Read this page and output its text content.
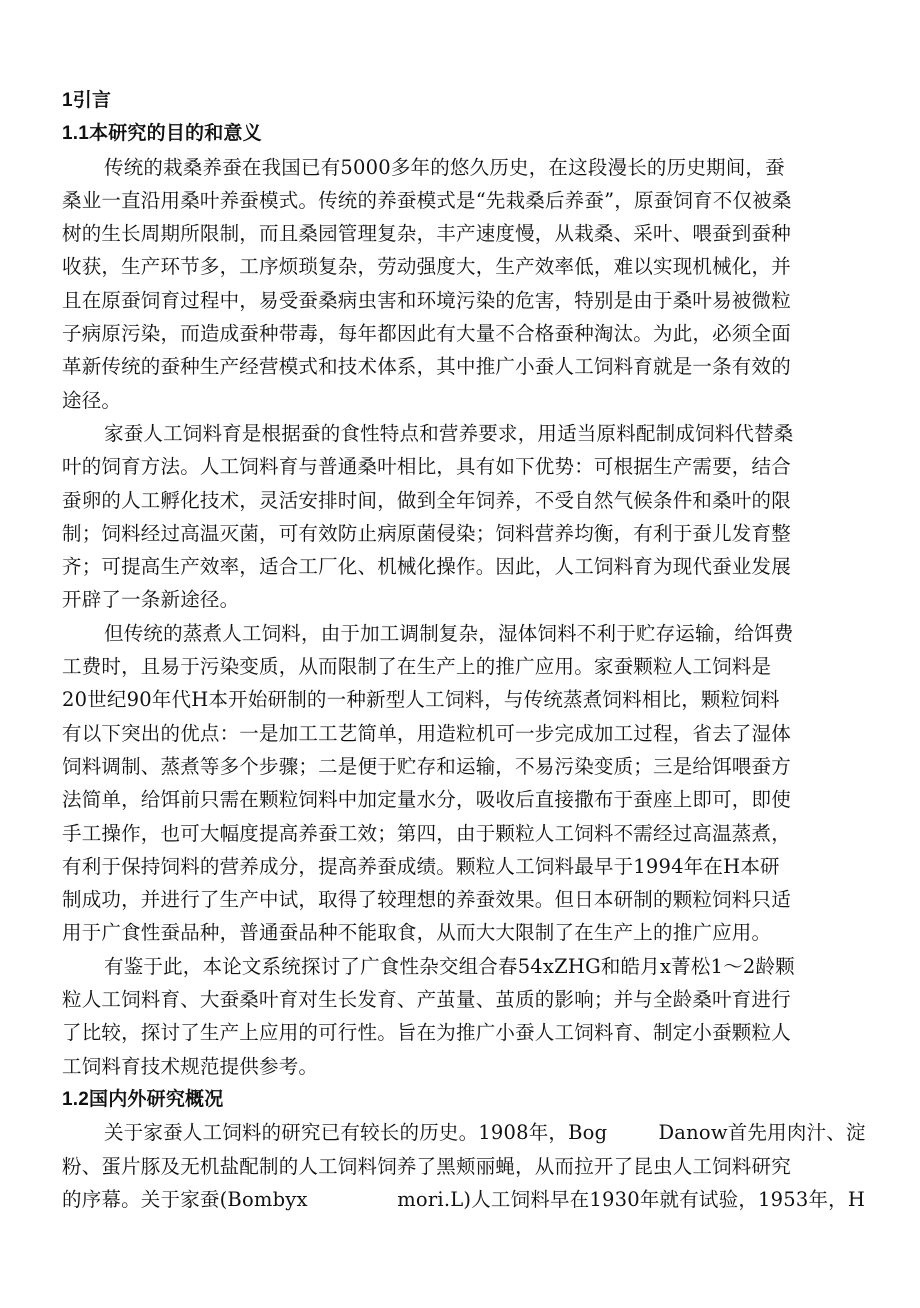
1引言
1.1本研究的目的和意义
传统的栽桑养蚕在我国已有5000多年的悠久历史，在这段漫长的历史期间，蚕
桑业一直沿用桑叶养蚕模式。传统的养蚕模式是“先栽桑后养蚕”，原蚕饲育不仅被桑
树的生长周期所限制，而且桑园管理复杂，丰产速度慢，从栽桑、采叶、喂蚕到蚕种
收获，生产环节多，工序烦琐复杂，劳动强度大，生产效率低，难以实现机械化，并
且在原蚕饲育过程中，易受蚕桑病虫害和环境污染的危害，特别是由于桑叶易被微粒
子病原污染，而造成蚕种带毒，每年都因此有大量不合格蚕种淘汰。为此，必须全面
革新传统的蚕种生产经营模式和技术体系，其中推广小蚕人工饲料育就是一条有效的
途径。
家蚕人工饲料育是根据蚕的食性特点和营养要求，用适当原料配制成饲料代替桑
叶的饲育方法。人工饲料育与普通桑叶相比，具有如下优势：可根据生产需要，结合
蚕卵的人工孵化技术，灵活安排时间，做到全年饲养，不受自然气候条件和桑叶的限
制；饲料经过高温灭菌，可有效防止病原菌侵染；饲料营养均衡，有利于蚕儿发育整
齐；可提高生产效率，适合工厂化、机械化操作。因此，人工饲料育为现代蚕业发展
开辟了一条新途径。
但传统的蒸煮人工饲料，由于加工调制复杂，湿体饲料不利于贮存运输，给饵费
工费时，且易于污染变质，从而限制了在生产上的推广应用。家蚕颗粒人工饲料是
20世纪90年代H本开始研制的一种新型人工饲料，与传统蒸煮饲料相比，颗粒饲料
有以下突出的优点：一是加工工艺简单，用造粒机可一步完成加工过程，省去了湿体
饲料调制、蒸煮等多个步骤；二是便于贮存和运输，不易污染变质；三是给饵喂蚕方
法简单，给饵前只需在颗粒饲料中加定量水分，吸收后直接撒布于蚕座上即可，即使
手工操作，也可大幅度提高养蚕工效；第四，由于颗粒人工饲料不需经过高温蒸煮，
有利于保持饲料的营养成分，提高养蚕成绩。颗粒人工饲料最早于1994年在H本研
制成功，并进行了生产中试，取得了较理想的养蚕效果。但日本研制的颗粒饲料只适
用于广食性蚕品种，普通蚕品种不能取食，从而大大限制了在生产上的推广应用。
有鉴于此，本论文系统探讨了广食性杂交组合春54xZHG和皓月x菁松1～2龄颗
粒人工饲料育、大蚕桑叶育对生长发育、产茧量、茧质的影响；并与全龄桑叶育进行
了比较，探讨了生产上应用的可行性。旨在为推广小蚕人工饲料育、制定小蚕颗粒人
工饲料育技术规范提供参考。
1.2国内外研究概况
关于家蚕人工饲料的研究已有较长的历史。1908年，Bog        Danow首先用肉汁、淀
粉、蛋片豚及无机盐配制的人工饲料饲养了黑颊丽蝇，从而拉开了昆虫人工饲料研究
的序幕。关于家蚕(Bombyx              mori.L)人工饲料早在1930年就有试验，1953年，H
